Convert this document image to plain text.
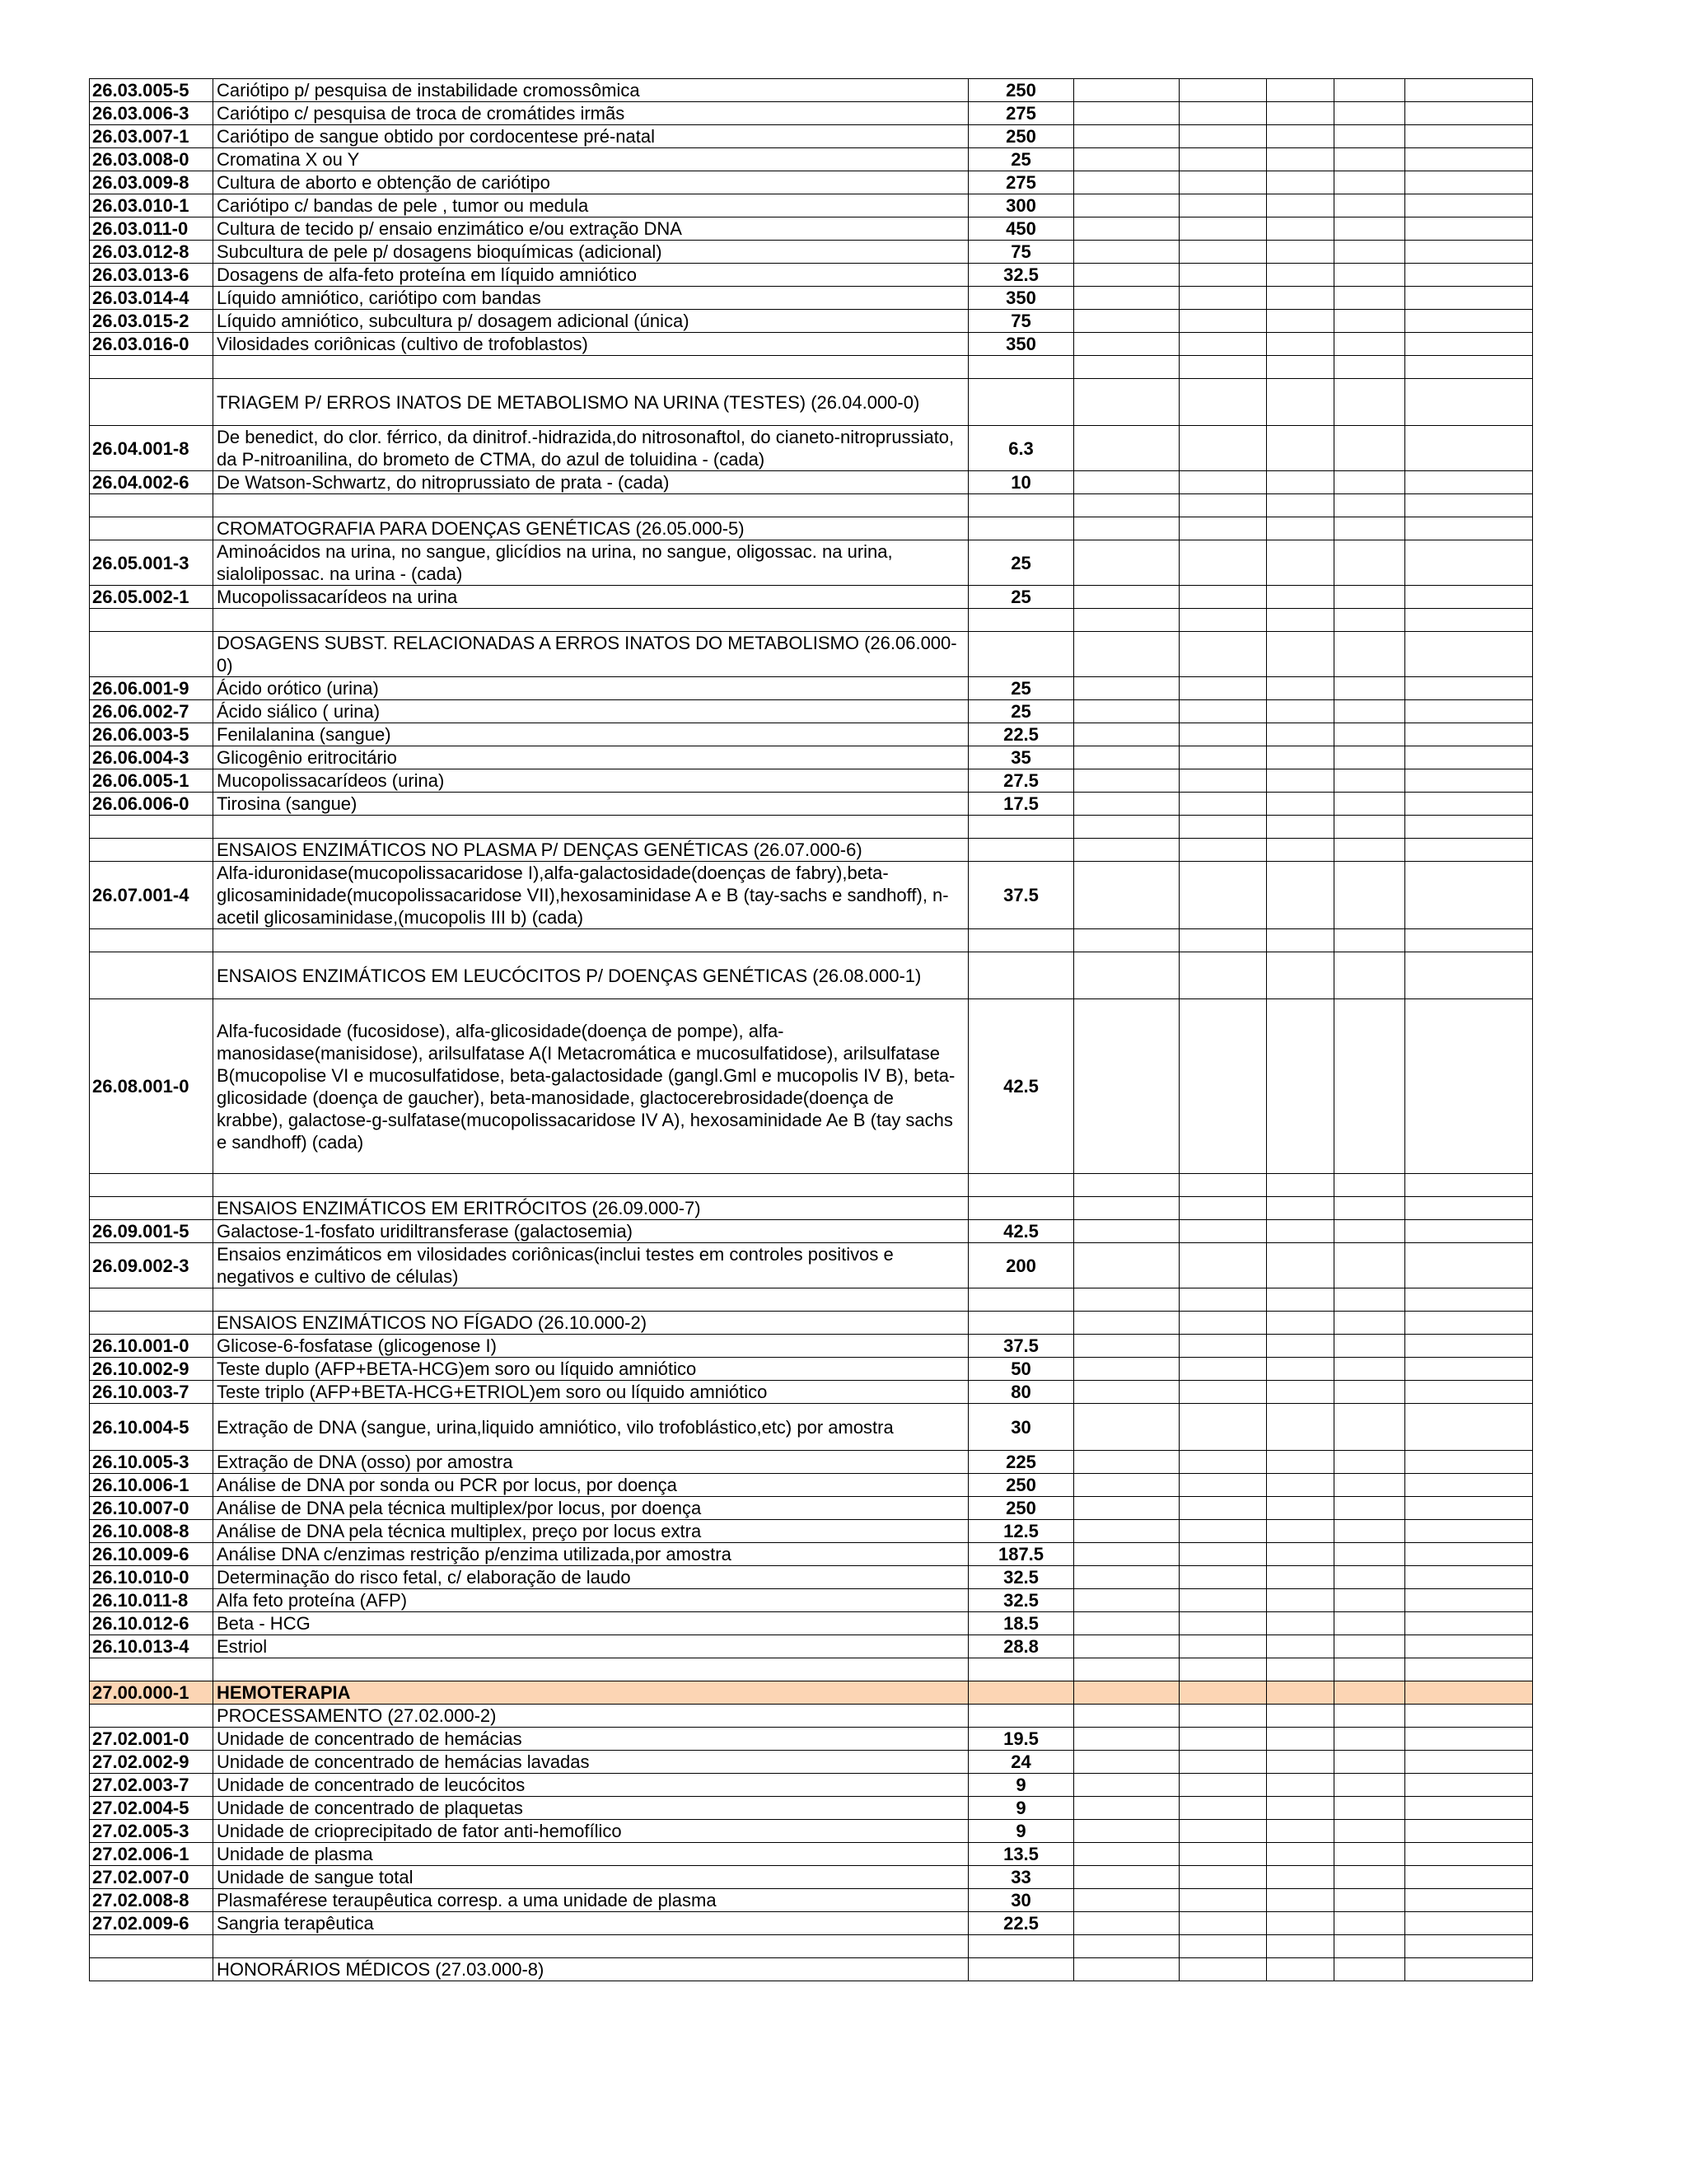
26.03.005-5	Cariótipo p/ pesquisa de instabilidade cromossômica	250					
26.03.006-3	Cariótipo c/ pesquisa de troca de cromátides irmãs	275					
26.03.007-1	Cariótipo de sangue obtido por cordocentese pré-natal	250					
26.03.008-0	Cromatina X ou Y	25					
26.03.009-8	Cultura de aborto e obtenção de cariótipo	275					
26.03.010-1	Cariótipo c/ bandas de pele , tumor ou medula	300					
26.03.011-0	Cultura de tecido p/ ensaio enzimático e/ou extração DNA	450					
26.03.012-8	Subcultura de pele p/ dosagens bioquímicas (adicional)	75					
26.03.013-6	Dosagens de alfa-feto proteína em líquido amniótico	32.5					
26.03.014-4	Líquido amniótico, cariótipo com bandas	350					
26.03.015-2	Líquido amniótico, subcultura p/ dosagem adicional (única)	75					
26.03.016-0	Vilosidades coriônicas (cultivo de trofoblastos)	350					

	TRIAGEM P/ ERROS INATOS DE METABOLISMO NA URINA (TESTES) (26.04.000-0)						
26.04.001-8	De benedict, do clor. férrico, da dinitrof.-hidrazida,do nitrosonaftol, do cianeto-nitroprussiato, da P-nitroanilina, do brometo de CTMA, do azul de toluidina - (cada)	6.3					
26.04.002-6	De Watson-Schwartz, do nitroprussiato de prata - (cada)	10					

	CROMATOGRAFIA PARA DOENÇAS GENÉTICAS (26.05.000-5)						
26.05.001-3	Aminoácidos na urina, no sangue, glicídios na urina, no sangue, oligossac. na urina, sialolipossac. na urina - (cada)	25					
26.05.002-1	Mucopolissacarídeos na urina	25					

	DOSAGENS SUBST. RELACIONADAS A ERROS INATOS DO METABOLISMO (26.06.000-0)						
26.06.001-9	Ácido orótico (urina)	25					
26.06.002-7	Ácido siálico ( urina)	25					
26.06.003-5	Fenilalanina (sangue)	22.5					
26.06.004-3	Glicogênio eritrocitário	35					
26.06.005-1	Mucopolissacarídeos (urina)	27.5					
26.06.006-0	Tirosina (sangue)	17.5					

	ENSAIOS ENZIMÁTICOS NO PLASMA P/ DENÇAS GENÉTICAS (26.07.000-6)						
26.07.001-4	Alfa-iduronidase(mucopolissacaridose I),alfa-galactosidade(doenças de fabry),beta-glicosaminidade(mucopolissacaridose VII),hexosaminidase A e B (tay-sachs e sandhoff), n-acetil glicosaminidase,(mucopolis III b) (cada)	37.5					

	ENSAIOS ENZIMÁTICOS EM LEUCÓCITOS P/ DOENÇAS GENÉTICAS (26.08.000-1)						
26.08.001-0	Alfa-fucosidade (fucosidose), alfa-glicosidade(doença de pompe), alfa-manosidase(manisidose), arilsulfatase A(I Metacromática e mucosulfatidose), arilsulfatase B(mucopolise VI e mucosulfatidose, beta-galactosidade (gangl.Gml e mucopolis IV B), beta-glicosidade (doença de gaucher), beta-manosidade, glactocerebrosidade(doença de krabbe), galactose-g-sulfatase(mucopolissacaridose IV A), hexosaminidade Ae B (tay sachs e sandhoff) (cada)	42.5					

	ENSAIOS ENZIMÁTICOS EM ERITRÓCITOS (26.09.000-7)						
26.09.001-5	Galactose-1-fosfato uridiltransferase (galactosemia)	42.5					
26.09.002-3	Ensaios enzimáticos em vilosidades coriônicas(inclui testes em controles positivos e negativos e cultivo de células)	200					

	ENSAIOS ENZIMÁTICOS NO FÍGADO (26.10.000-2)						
26.10.001-0	Glicose-6-fosfatase (glicogenose I)	37.5					
26.10.002-9	Teste duplo (AFP+BETA-HCG)em soro ou líquido amniótico	50					
26.10.003-7	Teste triplo (AFP+BETA-HCG+ETRIOL)em soro ou líquido amniótico	80					
26.10.004-5	Extração de DNA (sangue, urina,liquido amniótico, vilo trofoblástico,etc) por amostra	30					
26.10.005-3	Extração de DNA (osso) por amostra	225					
26.10.006-1	Análise de DNA por sonda ou PCR por locus, por doença	250					
26.10.007-0	Análise de DNA pela técnica multiplex/por locus, por doença	250					
26.10.008-8	Análise de DNA pela técnica multiplex, preço por locus extra	12.5					
26.10.009-6	Análise DNA c/enzimas restrição p/enzima utilizada,por amostra	187.5					
26.10.010-0	Determinação do risco fetal, c/ elaboração de laudo	32.5					
26.10.011-8	Alfa feto proteína (AFP)	32.5					
26.10.012-6	Beta - HCG	18.5					
26.10.013-4	Estriol	28.8					

27.00.000-1	HEMOTERAPIA						
	PROCESSAMENTO (27.02.000-2)						
27.02.001-0	Unidade de concentrado de hemácias	19.5					
27.02.002-9	Unidade de concentrado de hemácias lavadas	24					
27.02.003-7	Unidade de concentrado de leucócitos	9					
27.02.004-5	Unidade de concentrado de plaquetas	9					
27.02.005-3	Unidade de crioprecipitado de fator anti-hemofílico	9					
27.02.006-1	Unidade de plasma	13.5					
27.02.007-0	Unidade de sangue total	33					
27.02.008-8	Plasmaférese teraupêutica corresp. a uma unidade de plasma	30					
27.02.009-6	Sangria terapêutica	22.5					

	HONORÁRIOS MÉDICOS (27.03.000-8)						
